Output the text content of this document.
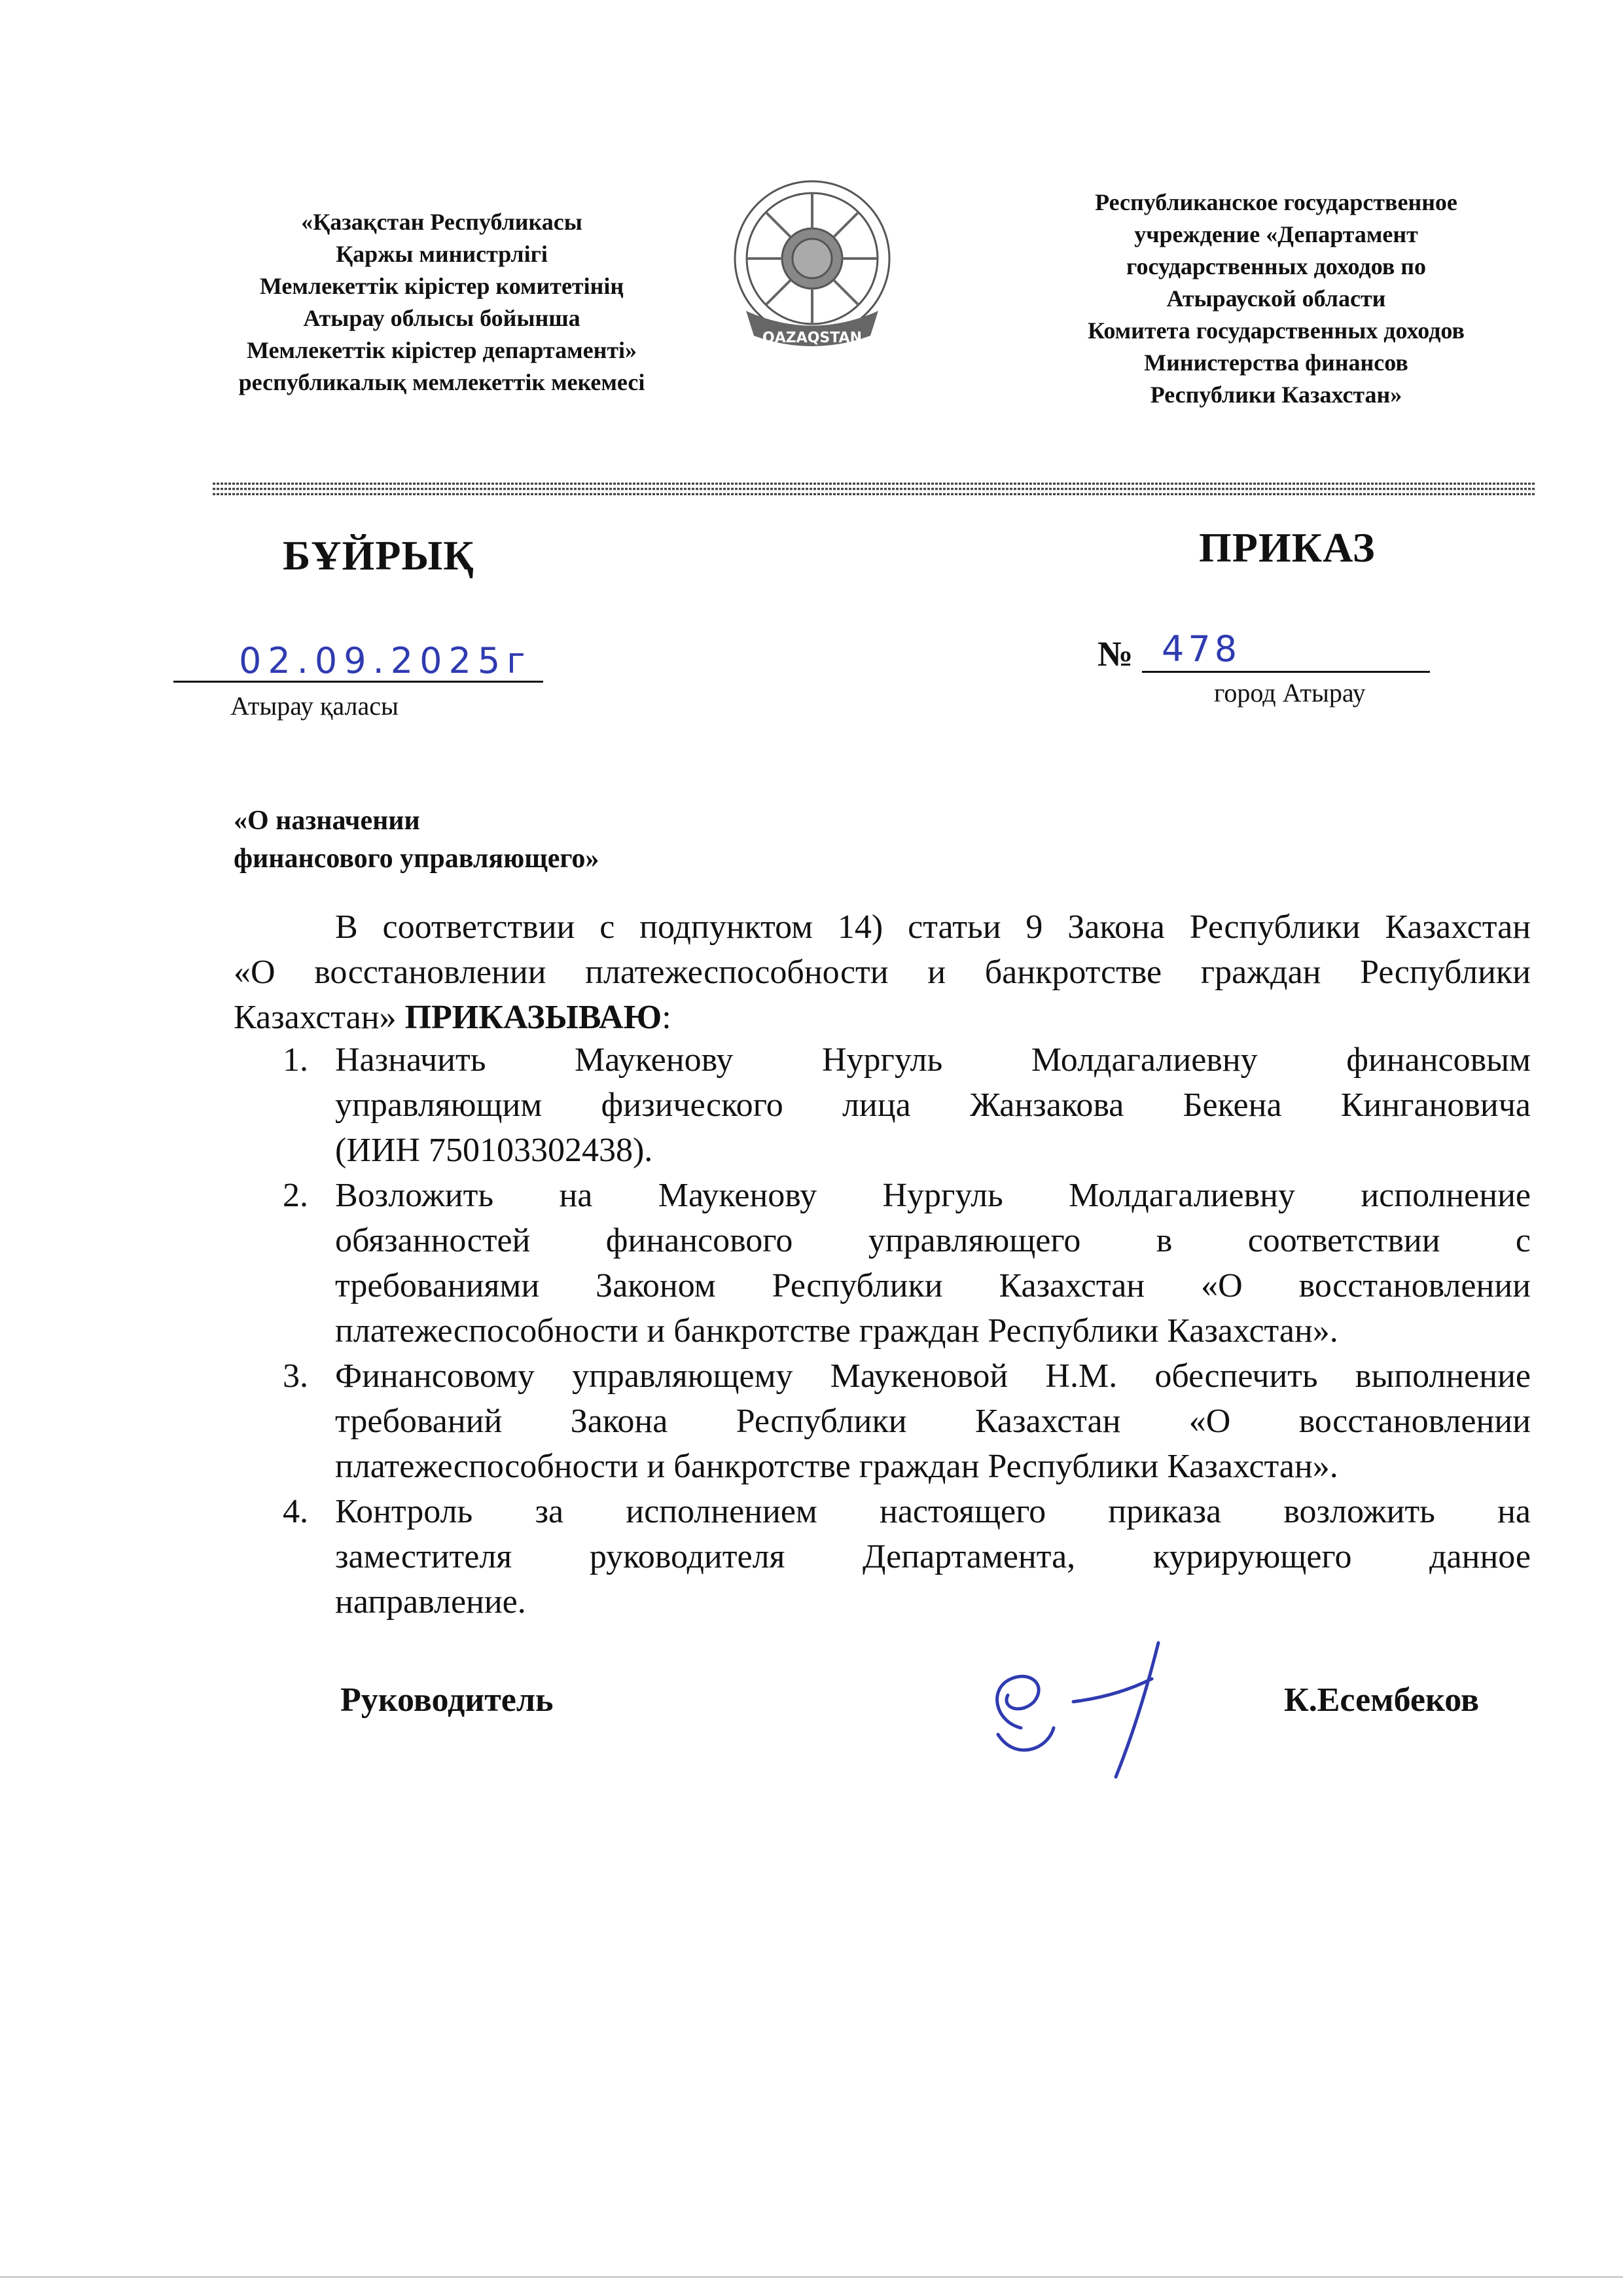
«Қазақстан Республикасы
Қаржы министрлігі
Мемлекеттік кірістер комитетінің
Атырау облысы бойынша
Мемлекеттік кірістер департаменті»
республикалық мемлекеттік мекемесі
QAZAQSTAN
Республиканское государственное
учреждение «Департамент
государственных доходов по
Атырауской области
Комитета государственных доходов
Министерства финансов
Республики Казахстан»
БҰЙРЫҚ	ПРИКАЗ
02.09.2025г
Атырау қаласы
№ 478
город Атырау
«О назначении
финансового управляющего»
В соответствии с подпунктом 14) статьи 9 Закона Республики Казахстан
«О восстановлении платежеспособности и банкротстве граждан Республики
Казахстан» ПРИКАЗЫВАЮ:
1. Назначить Маукенову Нургуль Молдагалиевну финансовым
управляющим физического лица Жанзакова Бекена Кингановича
(ИИН 750103302438).
2. Возложить на Маукенову Нургуль Молдагалиевну исполнение
обязанностей финансового управляющего в соответствии с
требованиями Законом Республики Казахстан «О восстановлении
платежеспособности и банкротстве граждан Республики Казахстан».
3. Финансовому управляющему Маукеновой Н.М. обеспечить выполнение
требований Закона Республики Казахстан «О восстановлении
платежеспособности и банкротстве граждан Республики Казахстан».
4. Контроль за исполнением настоящего приказа возложить на
заместителя руководителя Департамента, курирующего данное
направление.
Руководитель	К.Есембеков
